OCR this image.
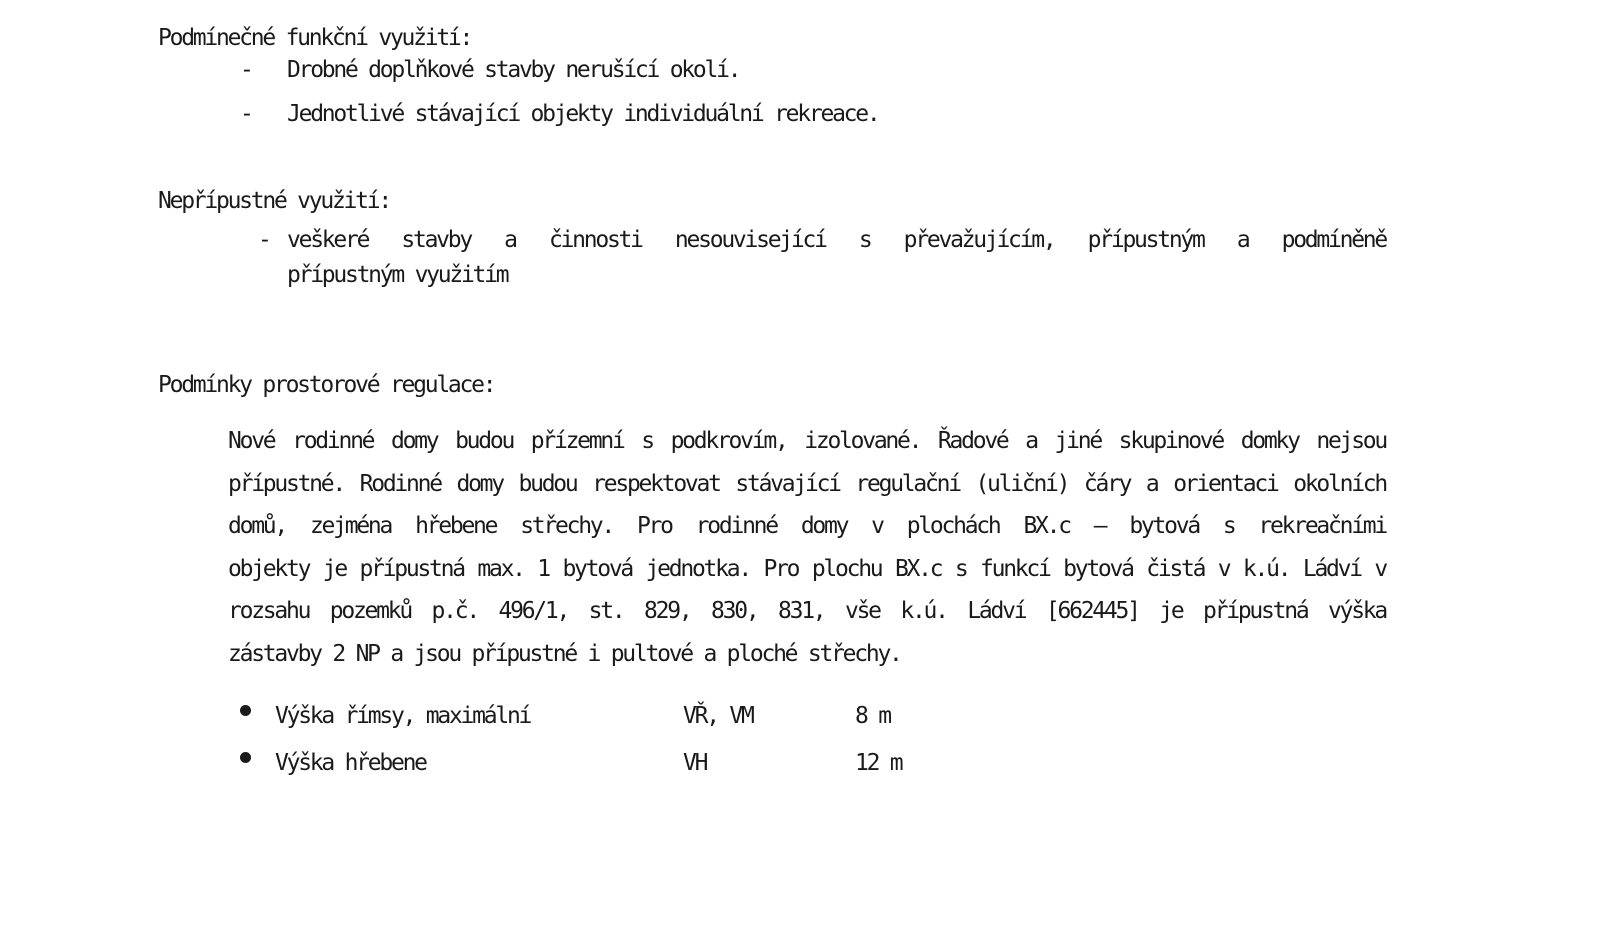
Podmínečné funkční využití:
- Drobné doplňkové stavby nerušící okolí.
- Jednotlivé stávající objekty individuální rekreace.
Nepřípustné využití:
- veškeré stavby a činnosti nesouvisející s převažujícím, přípustným a podmíněně
přípustným využitím
Podmínky prostorové regulace:
Nové rodinné domy budou přízemní s podkrovím, izolované. Řadové a jiné skupinové domky nejsou
přípustné. Rodinné domy budou respektovat stávající regulační (uliční) čáry a orientaci okolních
domů, zejména hřebene střechy. Pro rodinné domy v plochách BX.c – bytová s rekreačními
objekty je přípustná max. 1 bytová jednotka. Pro plochu BX.c s funkcí bytová čistá v k.ú. Ládví v
rozsahu pozemků p.č. 496/1, st. 829, 830, 831, vše k.ú. Ládví [662445] je přípustná výška
zástavby 2 NP a jsou přípustné i pultové a ploché střechy.
Výška římsy, maximální	VŘ, VM	8 m
Výška hřebene	VH	12 m
